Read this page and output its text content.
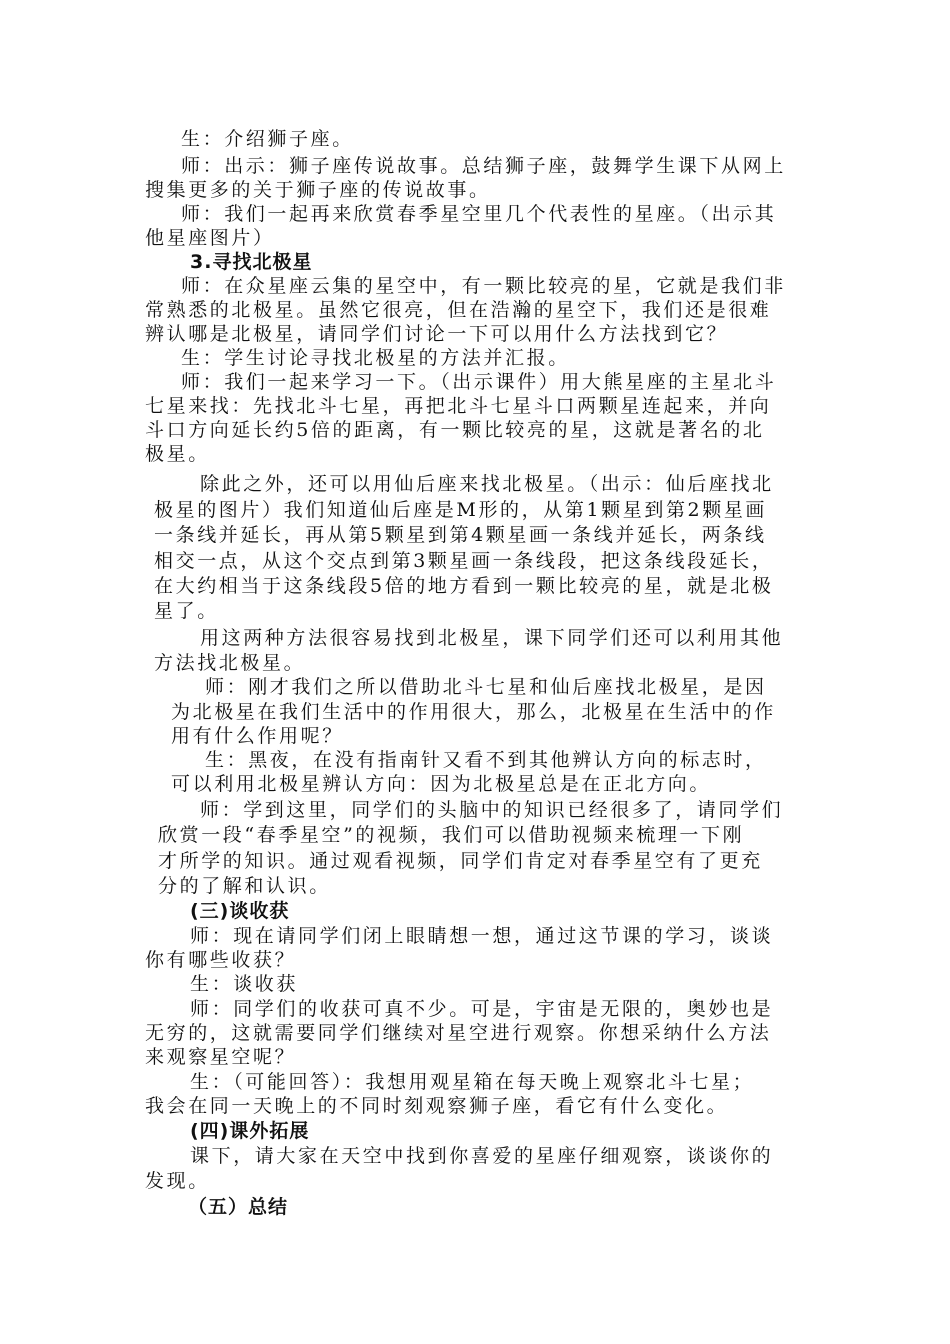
生：介绍狮子座。
师：出示：狮子座传说故事。总结狮子座，鼓舞学生课下从网上
搜集更多的关于狮子座的传说故事。
师：我们一起再来欣赏春季星空里几个代表性的星座。（出示其
他星座图片）
3.寻找北极星
师：在众星座云集的星空中，有一颗比较亮的星，它就是我们非
常熟悉的北极星。虽然它很亮，但在浩瀚的星空下，我们还是很难
辨认哪是北极星，请同学们讨论一下可以用什么方法找到它？
生：学生讨论寻找北极星的方法并汇报。
师：我们一起来学习一下。（出示课件）用大熊星座的主星北斗
七星来找：先找北斗七星，再把北斗七星斗口两颗星连起来，并向
斗口方向延长约5倍的距离，有一颗比较亮的星，这就是著名的北
极星。
除此之外，还可以用仙后座来找北极星。（出示：仙后座找北
极星的图片）我们知道仙后座是M形的，从第1颗星到第2颗星画
一条线并延长，再从第5颗星到第4颗星画一条线并延长，两条线
相交一点，从这个交点到第3颗星画一条线段，把这条线段延长，
在大约相当于这条线段5倍的地方看到一颗比较亮的星，就是北极
星了。
用这两种方法很容易找到北极星，课下同学们还可以利用其他
方法找北极星。
师：刚才我们之所以借助北斗七星和仙后座找北极星，是因
为北极星在我们生活中的作用很大，那么，北极星在生活中的作
用有什么作用呢？
生：黑夜，在没有指南针又看不到其他辨认方向的标志时，
可以利用北极星辨认方向：因为北极星总是在正北方向。
师：学到这里，同学们的头脑中的知识已经很多了，请同学们
欣赏一段“春季星空”的视频，我们可以借助视频来梳理一下刚
才所学的知识。通过观看视频，同学们肯定对春季星空有了更充
分的了解和认识。
(三)谈收获
师：现在请同学们闭上眼睛想一想，通过这节课的学习，谈谈
你有哪些收获？
生：谈收获
师：同学们的收获可真不少。可是，宇宙是无限的，奥妙也是
无穷的，这就需要同学们继续对星空进行观察。你想采纳什么方法
来观察星空呢？
生：（可能回答）：我想用观星箱在每天晚上观察北斗七星；
我会在同一天晚上的不同时刻观察狮子座，看它有什么变化。
(四)课外拓展
课下，请大家在天空中找到你喜爱的星座仔细观察，谈谈你的
发现。
（五）总结
